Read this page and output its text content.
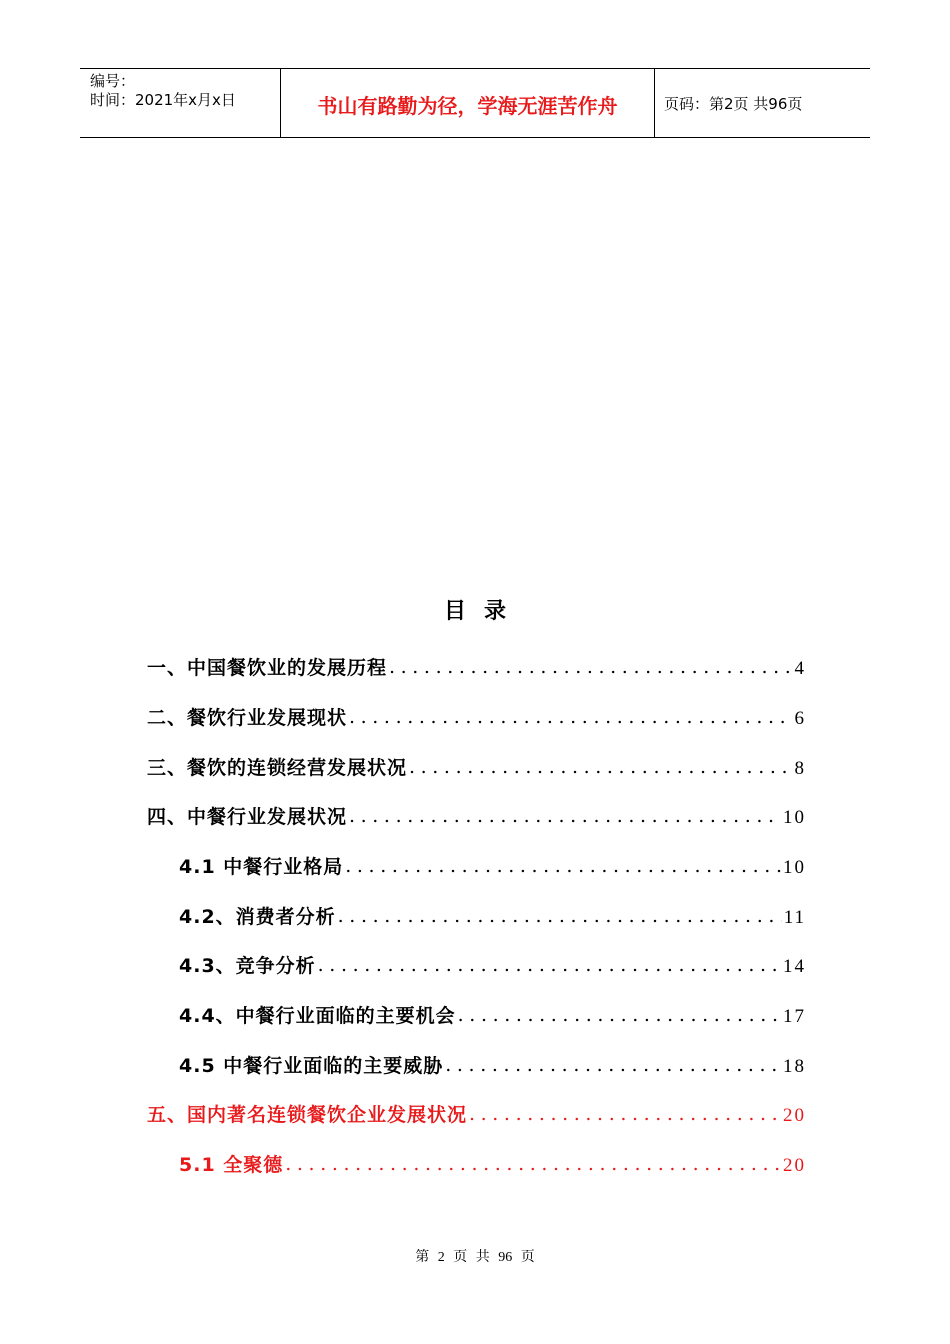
编号：
时间：2021年x月x日	书山有路勤为径，学海无涯苦作舟	页码：第2页 共96页
目录
一、中国餐饮业的发展历程 .....	4
二、餐饮行业发展现状 .....	6
三、餐饮的连锁经营发展状况 .....	8
四、中餐行业发展状况 .....	10
4.1 中餐行业格局 .....	10
4.2、消费者分析 .....	11
4.3、竞争分析 .....	14
4.4、中餐行业面临的主要机会 .....	17
4.5 中餐行业面临的主要威胁 .....	18
五、国内著名连锁餐饮企业发展状况 .....	20
5.1 全聚德 .....	20
第 2 页 共 96 页
